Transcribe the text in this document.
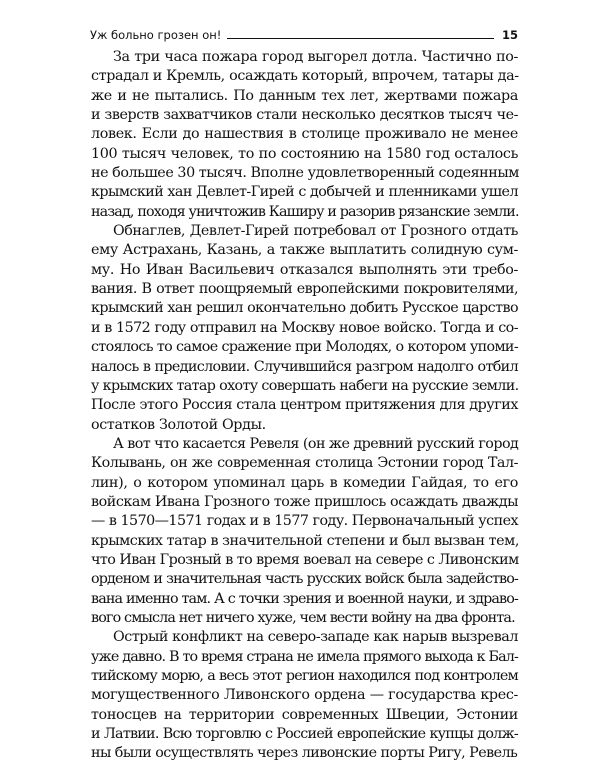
Уж больно грозен он!	15
За три часа пожара город выгорел дотла. Частично по-
страдал и Кремль, осаждать который, впрочем, татары да-
же и не пытались. По данным тех лет, жертвами пожара
и зверств захватчиков стали несколько десятков тысяч че-
ловек. Если до нашествия в столице проживало не менее
100 тысяч человек, то по состоянию на 1580 год осталось
не большее 30 тысяч. Вполне удовлетворенный содеянным
крымский хан Девлет-Гирей с добычей и пленниками ушел
назад, походя уничтожив Каширу и разорив рязанские земли.
Обнаглев, Девлет-Гирей потребовал от Грозного отдать
ему Астрахань, Казань, а также выплатить солидную сум-
му. Но Иван Васильевич отказался выполнять эти требо-
вания. В ответ поощряемый европейскими покровителями,
крымский хан решил окончательно добить Русское царство
и в 1572 году отправил на Москву новое войско. Тогда и со-
стоялось то самое сражение при Молодях, о котором упоми-
налось в предисловии. Случившийся разгром надолго отбил
у крымских татар охоту совершать набеги на русские земли.
После этого Россия стала центром притяжения для других
остатков Золотой Орды.
А вот что касается Ревеля (он же древний русский город
Колывань, он же современная столица Эстонии город Тал-
лин), о котором упоминал царь в комедии Гайдая, то его
войскам Ивана Грозного тоже пришлось осаждать дважды
— в 1570—1571 годах и в 1577 году. Первоначальный успех
крымских татар в значительной степени и был вызван тем,
что Иван Грозный в то время воевал на севере с Ливонским
орденом и значительная часть русских войск была задейство-
вана именно там. А с точки зрения и военной науки, и здраво-
вого смысла нет ничего хуже, чем вести войну на два фронта.
Острый конфликт на северо-западе как нарыв вызревал
уже давно. В то время страна не имела прямого выхода к Бал-
тийскому морю, а весь этот регион находился под контролем
могущественного Ливонского ордена — государства крес-
тоносцев на территории современных Швеции, Эстонии
и Латвии. Всю торговлю с Россией европейские купцы долж-
ны были осуществлять через ливонские порты Ригу, Ревель
